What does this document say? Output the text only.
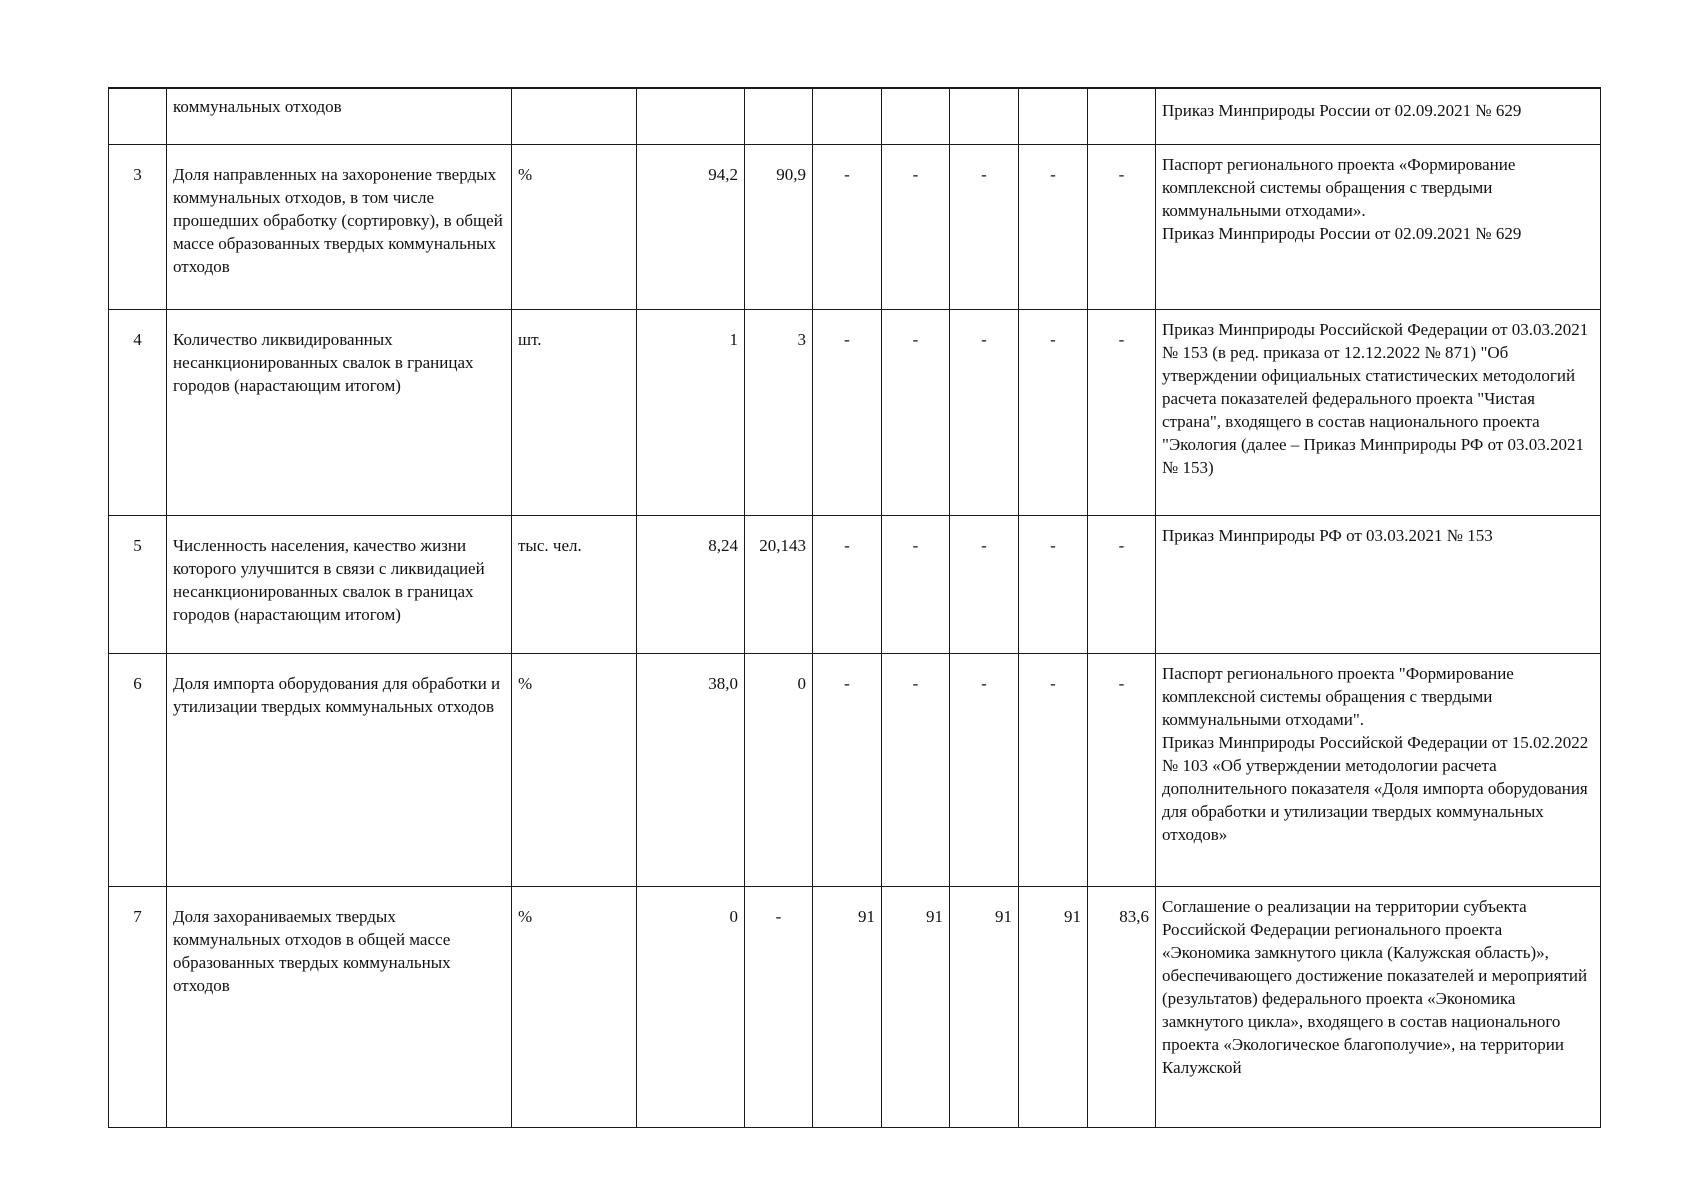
	коммунальных отходов									Приказ Минприроды России от 02.09.2021 № 629

3	Доля направленных на захоронение твердых коммунальных отходов, в том числе прошедших обработку (сортировку), в общей массе образованных твердых коммунальных отходов	%	94,2	90,9	-	-	-	-	-	Паспорт регионального проекта «Формирование комплексной системы обращения с твердыми коммунальными отходами».
Приказ Минприроды России от 02.09.2021 № 629

4	Количество ликвидированных несанкционированных свалок в границах городов (нарастающим итогом)	шт.	1	3	-	-	-	-	-	Приказ Минприроды Российской Федерации от 03.03.2021 № 153 (в ред. приказа от 12.12.2022 № 871) "Об утверждении официальных статистических методологий расчета показателей федерального проекта "Чистая страна", входящего в состав национального проекта "Экология (далее – Приказ Минприроды РФ от 03.03.2021 № 153)

5	Численность населения, качество жизни которого улучшится в связи с ликвидацией несанкционированных свалок в границах городов (нарастающим итогом)	тыс. чел.	8,24	20,143	-	-	-	-	-	Приказ Минприроды РФ от 03.03.2021 № 153

6	Доля импорта оборудования для обработки и утилизации твердых коммунальных отходов	%	38,0	0	-	-	-	-	-	Паспорт регионального проекта "Формирование комплексной системы обращения с твердыми коммунальными отходами".
Приказ Минприроды Российской Федерации от 15.02.2022 № 103 «Об утверждении методологии расчета дополнительного показателя «Доля импорта оборудования для обработки и утилизации твердых коммунальных отходов»

7	Доля захораниваемых твердых коммунальных отходов в общей массе образованных твердых коммунальных отходов	%	0	-	91	91	91	91	83,6	Соглашение о реализации на территории субъекта Российской Федерации регионального проекта «Экономика замкнутого цикла (Калужская область)», обеспечивающего достижение показателей и мероприятий (результатов) федерального проекта «Экономика замкнутого цикла», входящего в состав национального проекта «Экологическое благополучие», на территории Калужской
